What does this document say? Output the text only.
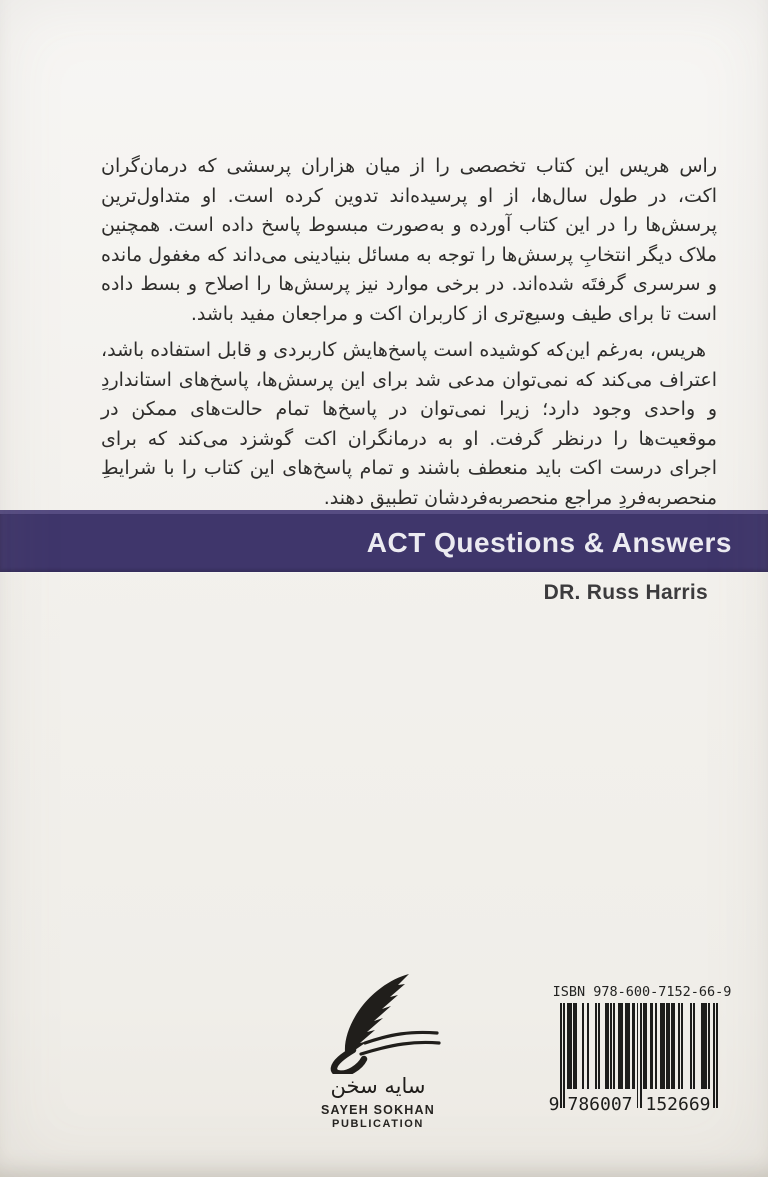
راس هریس این کتاب تخصصی را از میان هزاران پرسشی که درمان‌گران اکت، در طول سال‌ها، از او پرسیده‌اند تدوین کرده است. او متداول‌ترین پرسش‌ها را در این کتاب آورده و به‌صورت مبسوط پاسخ داده است. همچنین ملاک دیگر انتخابِ پرسش‌ها را توجه به مسائل بنیادینی می‌داند که مغفول مانده و سرسری گرفتَه شده‌اند. در برخی موارد نیز پرسش‌ها را اصلاح و بسط داده است تا برای طیف وسیع‌تری از کاربران اکت و مراجعان مفید باشد.

هریس، به‌رغم این‌که کوشیده است پاسخ‌هایش کاربردی و قابل استفاده باشد، اعتراف می‌کند که نمی‌توان مدعی شد برای این پرسش‌ها، پاسخ‌های استانداردِ و واحدی وجود دارد؛ زیرا نمی‌توان در پاسخ‌ها تمام حالت‌های ممکن در موقعیت‌ها را درنظر گرفت. او به درمانگران اکت گوشزد می‌کند که برای اجرای درست اکت باید منعطف باشند و تمام پاسخ‌های این کتاب را با شرایطِ منحصربه‌فردِ مراجعِ منحصربه‌فردشان تطبیق دهند.

ACT Questions & Answers
DR. Russ Harris
سایه سخن
SAYEH SOKHAN
PUBLICATION
ISBN 978-600-7152-66-9
9 786007 152669
